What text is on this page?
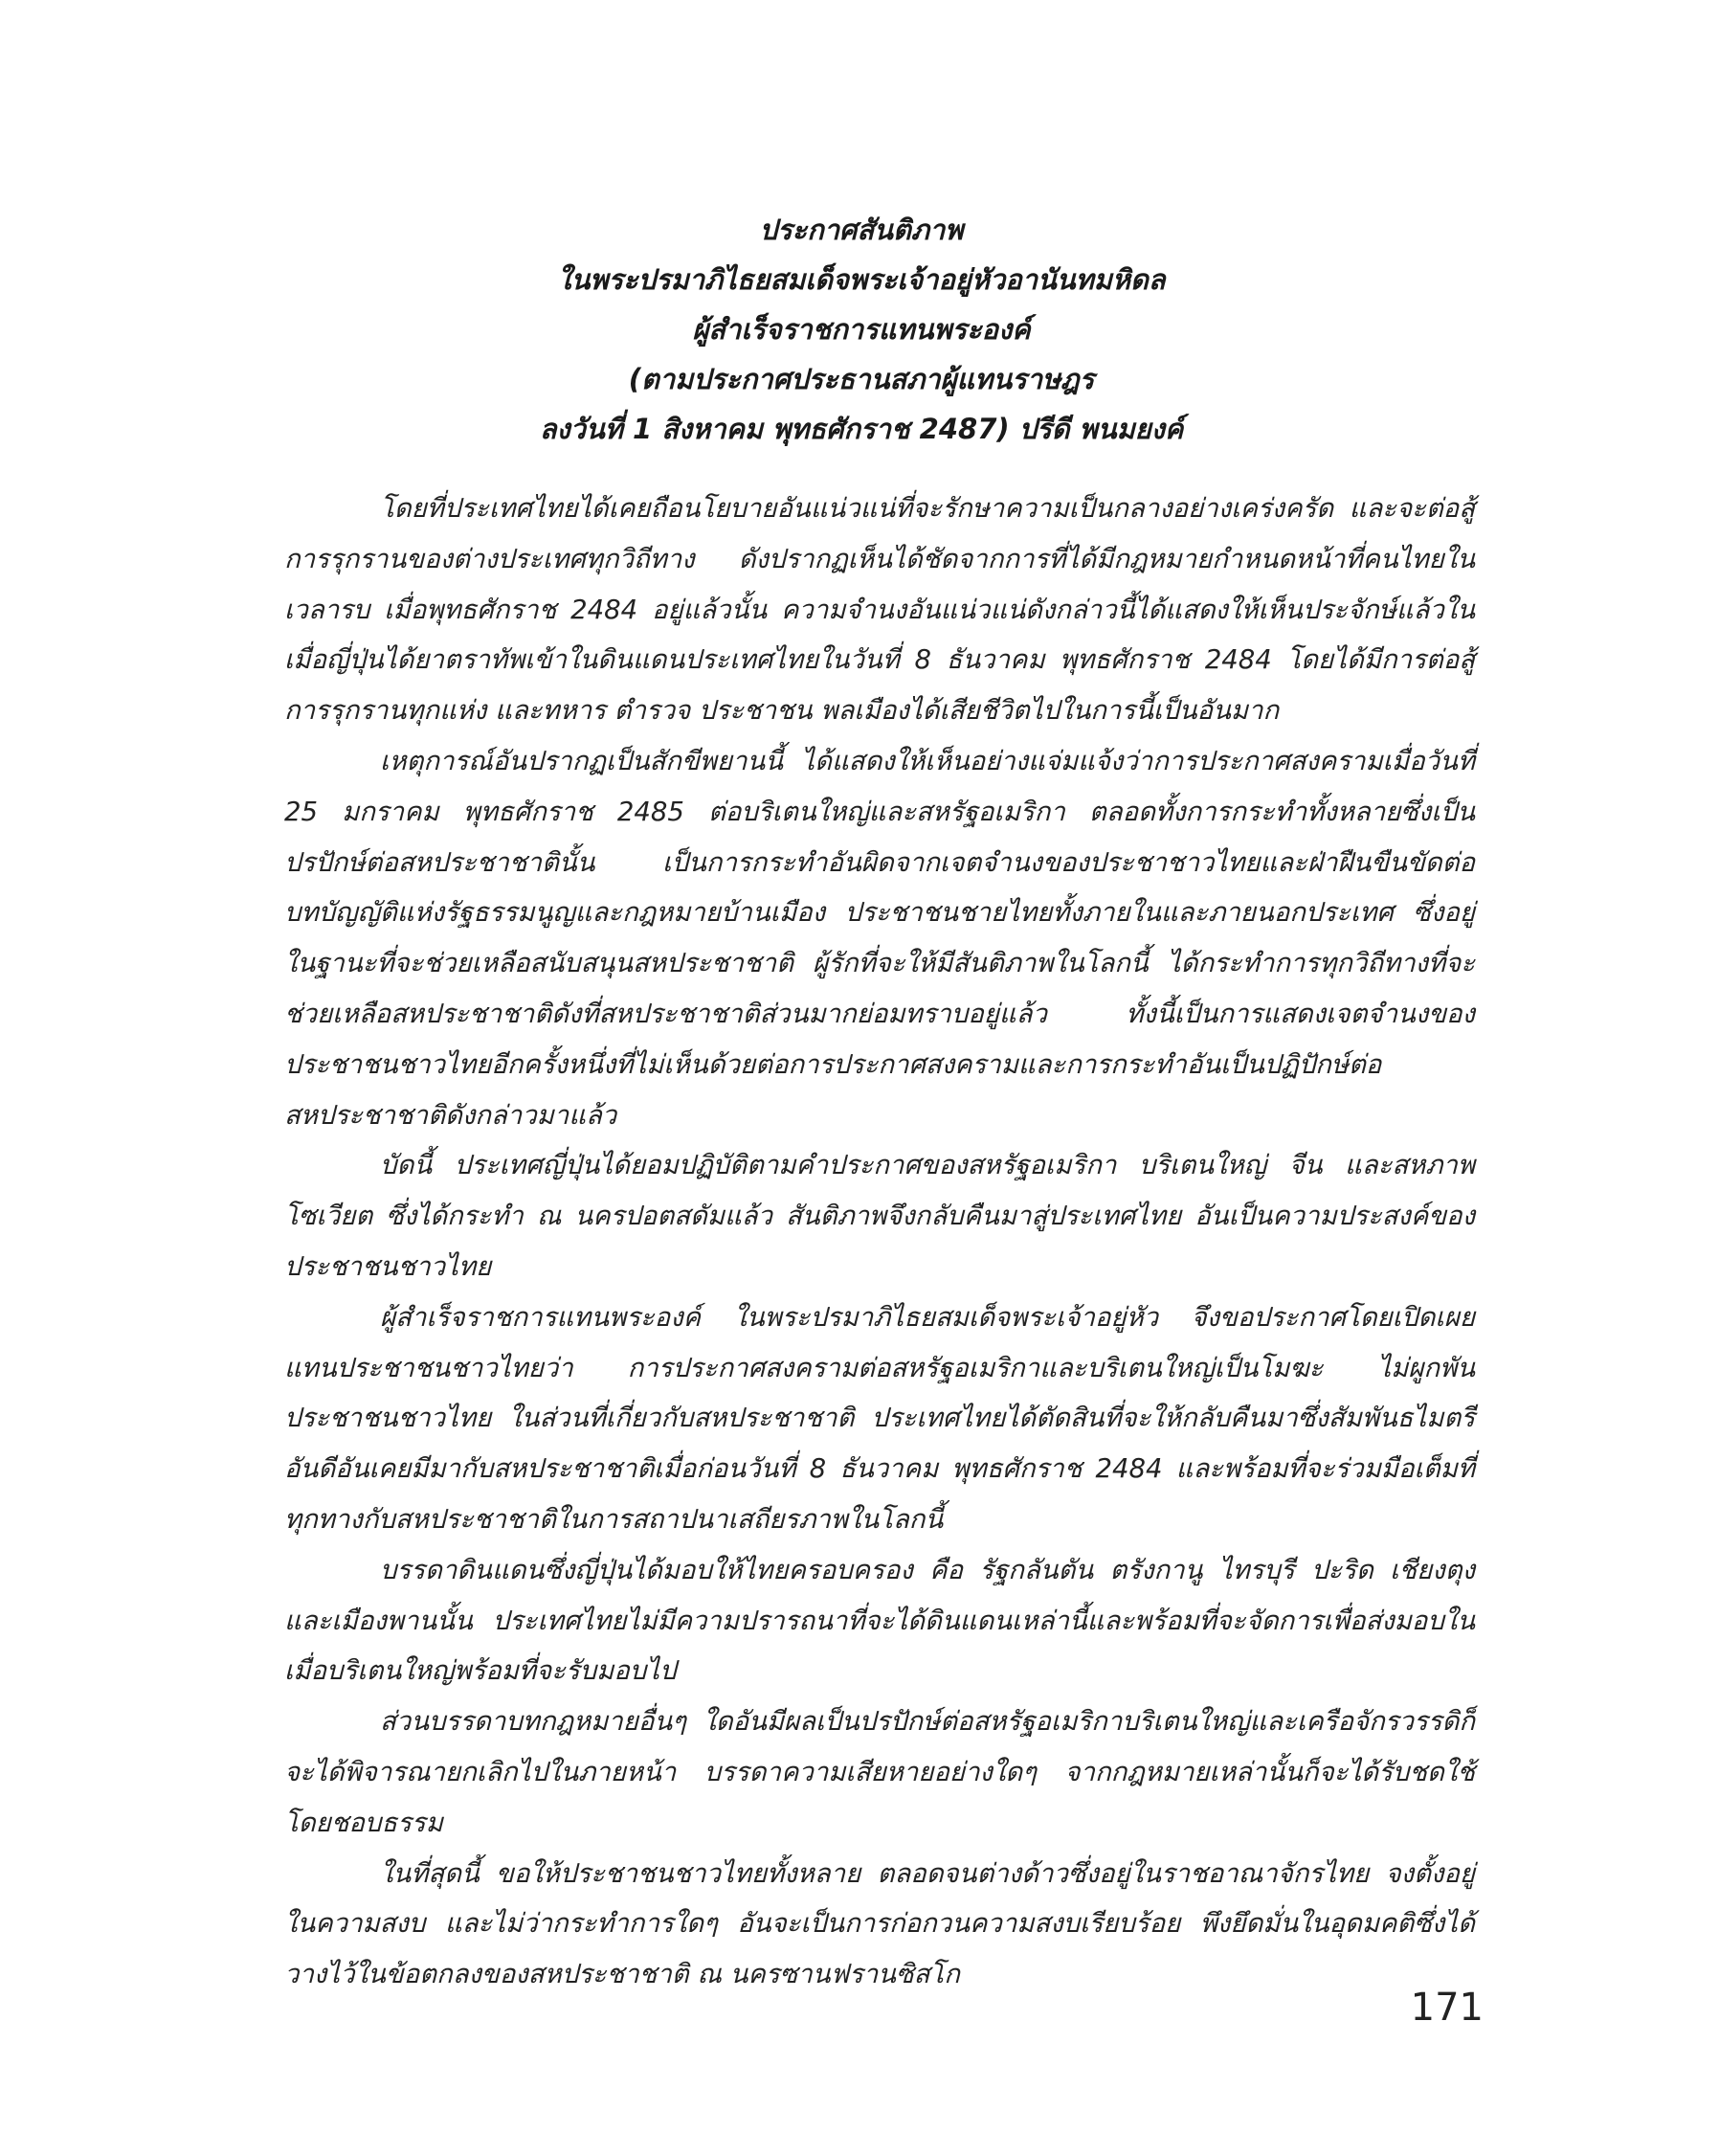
ประกาศสันติภาพ
ในพระปรมาภิไธยสมเด็จพระเจ้าอยู่หัวอานันทมหิดล
ผู้สำเร็จราชการแทนพระองค์
(ตามประกาศประธานสภาผู้แทนราษฎร
ลงวันที่ 1 สิงหาคม พุทธศักราช 2487) ปรีดี พนมยงค์

โดยที่ประเทศไทยได้เคยถือนโยบายอันแน่วแน่ที่จะรักษาความเป็นกลางอย่างเคร่งครัด และจะต่อสู้การรุกรานของต่างประเทศทุกวิถีทาง ดังปรากฏเห็นได้ชัดจากการที่ได้มีกฎหมายกำหนดหน้าที่คนไทยในเวลารบ เมื่อพุทธศักราช 2484 อยู่แล้วนั้น ความจำนงอันแน่วแน่ดังกล่าวนี้ได้แสดงให้เห็นประจักษ์แล้วในเมื่อญี่ปุ่นได้ยาตราทัพเข้าในดินแดนประเทศไทยในวันที่ 8 ธันวาคม พุทธศักราช 2484 โดยได้มีการต่อสู้การรุกรานทุกแห่ง และทหาร ตำรวจ ประชาชน พลเมืองได้เสียชีวิตไปในการนี้เป็นอันมาก

เหตุการณ์อันปรากฏเป็นสักขีพยานนี้ ได้แสดงให้เห็นอย่างแจ่มแจ้งว่าการประกาศสงครามเมื่อวันที่ 25 มกราคม พุทธศักราช 2485 ต่อบริเตนใหญ่และสหรัฐอเมริกา ตลอดทั้งการกระทำทั้งหลายซึ่งเป็นปรปักษ์ต่อสหประชาชาตินั้น เป็นการกระทำอันผิดจากเจตจำนงของประชาชาวไทยและฝ่าฝืนขืนขัดต่อบทบัญญัติแห่งรัฐธรรมนูญและกฎหมายบ้านเมือง ประชาชนชายไทยทั้งภายในและภายนอกประเทศ ซึ่งอยู่ในฐานะที่จะช่วยเหลือสนับสนุนสหประชาชาติ ผู้รักที่จะให้มีสันติภาพในโลกนี้ ได้กระทำการทุกวิถีทางที่จะช่วยเหลือสหประชาชาติดังที่สหประชาชาติส่วนมากย่อมทราบอยู่แล้ว ทั้งนี้เป็นการแสดงเจตจำนงของประชาชนชาวไทยอีกครั้งหนึ่งที่ไม่เห็นด้วยต่อการประกาศสงครามและการกระทำอันเป็นปฏิปักษ์ต่อสหประชาชาติดังกล่าวมาแล้ว

บัดนี้ ประเทศญี่ปุ่นได้ยอมปฏิบัติตามคำประกาศของสหรัฐอเมริกา บริเตนใหญ่ จีน และสหภาพโซเวียต ซึ่งได้กระทำ ณ นครปอตสดัมแล้ว สันติภาพจึงกลับคืนมาสู่ประเทศไทย อันเป็นความประสงค์ของประชาชนชาวไทย

ผู้สำเร็จราชการแทนพระองค์ ในพระปรมาภิไธยสมเด็จพระเจ้าอยู่หัว จึงขอประกาศโดยเปิดเผยแทนประชาชนชาวไทยว่า การประกาศสงครามต่อสหรัฐอเมริกาและบริเตนใหญ่เป็นโมฆะ ไม่ผูกพันประชาชนชาวไทย ในส่วนที่เกี่ยวกับสหประชาชาติ ประเทศไทยได้ตัดสินที่จะให้กลับคืนมาซึ่งสัมพันธไมตรีอันดีอันเคยมีมากับสหประชาชาติเมื่อก่อนวันที่ 8 ธันวาคม พุทธศักราช 2484 และพร้อมที่จะร่วมมือเต็มที่ทุกทางกับสหประชาชาติในการสถาปนาเสถียรภาพในโลกนี้

บรรดาดินแดนซึ่งญี่ปุ่นได้มอบให้ไทยครอบครอง คือ รัฐกลันตัน ตรังกานู ไทรบุรี ปะริด เชียงตุง และเมืองพานนั้น ประเทศไทยไม่มีความปรารถนาที่จะได้ดินแดนเหล่านี้และพร้อมที่จะจัดการเพื่อส่งมอบในเมื่อบริเตนใหญ่พร้อมที่จะรับมอบไป

ส่วนบรรดาบทกฎหมายอื่นๆ ใดอันมีผลเป็นปรปักษ์ต่อสหรัฐอเมริกาบริเตนใหญ่และเครือจักรวรรดิก็จะได้พิจารณายกเลิกไปในภายหน้า บรรดาความเสียหายอย่างใดๆ จากกฎหมายเหล่านั้นก็จะได้รับชดใช้โดยชอบธรรม

ในที่สุดนี้ ขอให้ประชาชนชาวไทยทั้งหลาย ตลอดจนต่างด้าวซึ่งอยู่ในราชอาณาจักรไทย จงตั้งอยู่ในความสงบ และไม่ว่ากระทำการใดๆ อันจะเป็นการก่อกวนความสงบเรียบร้อย พึงยึดมั่นในอุดมคติซึ่งได้วางไว้ในข้อตกลงของสหประชาชาติ ณ นครซานฟรานซิสโก

171
